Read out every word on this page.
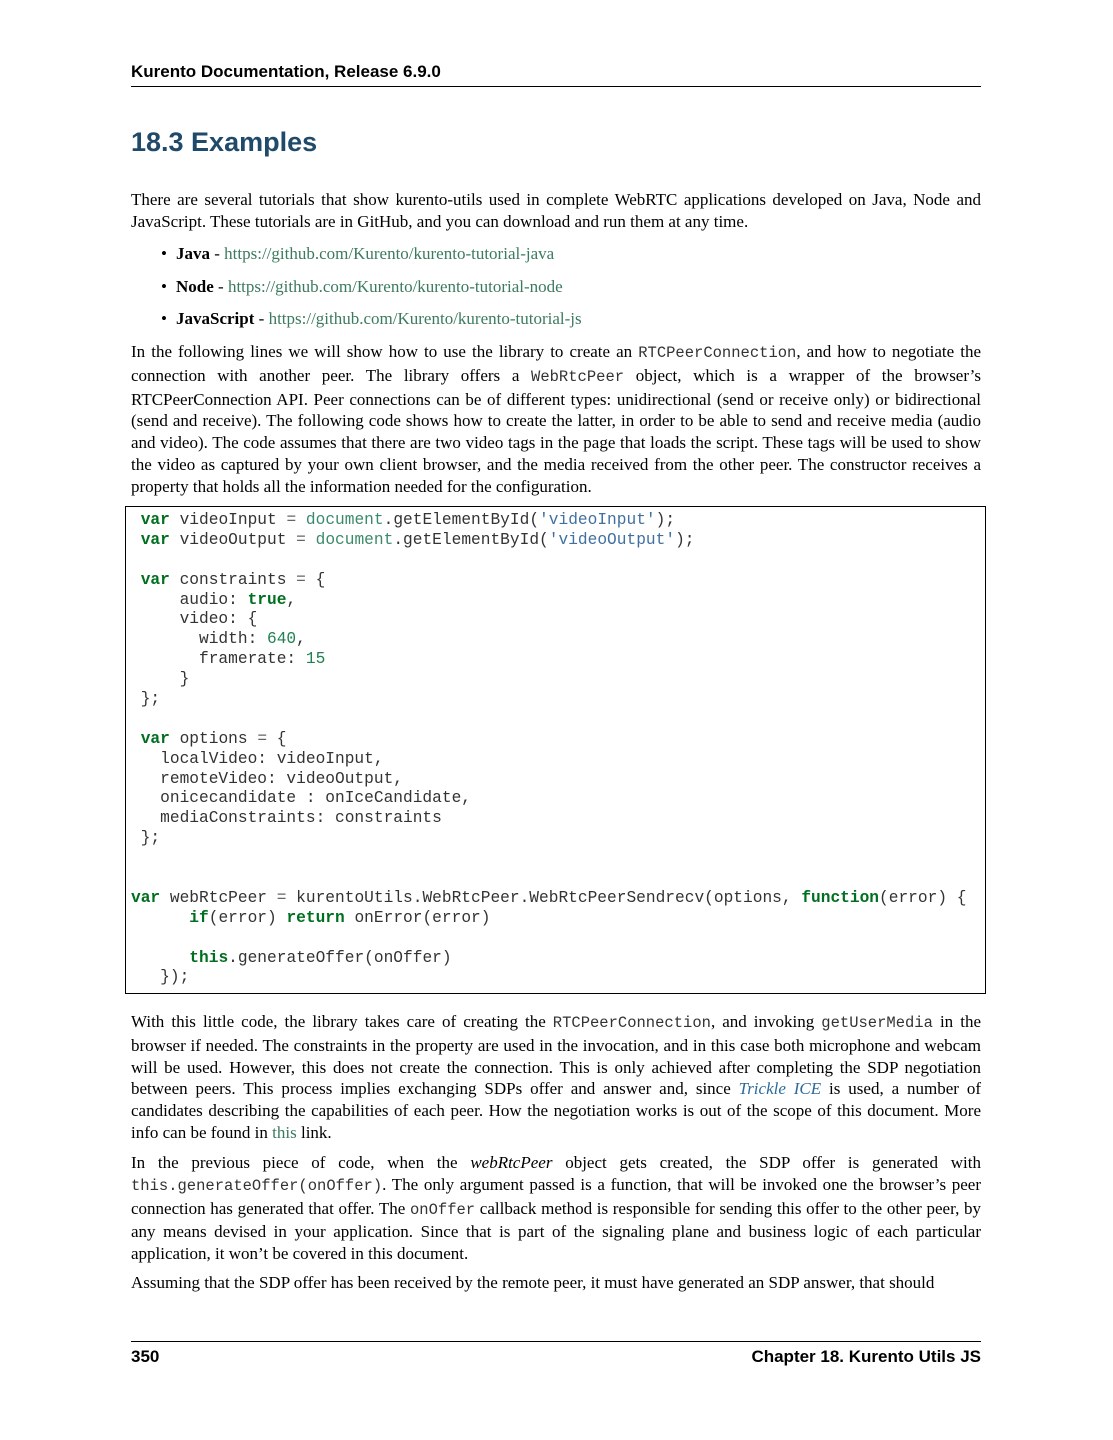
Kurento Documentation, Release 6.9.0
18.3 Examples

There are several tutorials that show kurento-utils used in complete WebRTC applications developed on Java, Node and JavaScript. These tutorials are in GitHub, and you can download and run them at any time.

• Java - https://github.com/Kurento/kurento-tutorial-java
• Node - https://github.com/Kurento/kurento-tutorial-node
• JavaScript - https://github.com/Kurento/kurento-tutorial-js

In the following lines we will show how to use the library to create an RTCPeerConnection, and how to negotiate the connection with another peer. The library offers a WebRtcPeer object, which is a wrapper of the browser’s RTCPeerConnection API. Peer connections can be of different types: unidirectional (send or receive only) or bidirectional (send and receive). The following code shows how to create the latter, in order to be able to send and receive media (audio and video). The code assumes that there are two video tags in the page that loads the script. These tags will be used to show the video as captured by your own client browser, and the media received from the other peer. The constructor receives a property that holds all the information needed for the configuration.

var videoInput = document.getElementById('videoInput');
var videoOutput = document.getElementById('videoOutput');
var constraints = {
audio: true,
video: {
width: 640,
framerate: 15
}
};
var options = {
localVideo: videoInput,
remoteVideo: videoOutput,
onicecandidate : onIceCandidate,
mediaConstraints: constraints
};
var webRtcPeer = kurentoUtils.WebRtcPeer.WebRtcPeerSendrecv(options, function(error) {
if(error) return onError(error)
this.generateOffer(onOffer)
});

With this little code, the library takes care of creating the RTCPeerConnection, and invoking getUserMedia in the browser if needed. The constraints in the property are used in the invocation, and in this case both microphone and webcam will be used. However, this does not create the connection. This is only achieved after completing the SDP negotiation between peers. This process implies exchanging SDPs offer and answer and, since Trickle ICE is used, a number of candidates describing the capabilities of each peer. How the negotiation works is out of the scope of this document. More info can be found in this link.

In the previous piece of code, when the webRtcPeer object gets created, the SDP offer is generated with this.generateOffer(onOffer). The only argument passed is a function, that will be invoked one the browser’s peer connection has generated that offer. The onOffer callback method is responsible for sending this offer to the other peer, by any means devised in your application. Since that is part of the signaling plane and business logic of each particular application, it won’t be covered in this document.

Assuming that the SDP offer has been received by the remote peer, it must have generated an SDP answer, that should

350	Chapter 18. Kurento Utils JS
